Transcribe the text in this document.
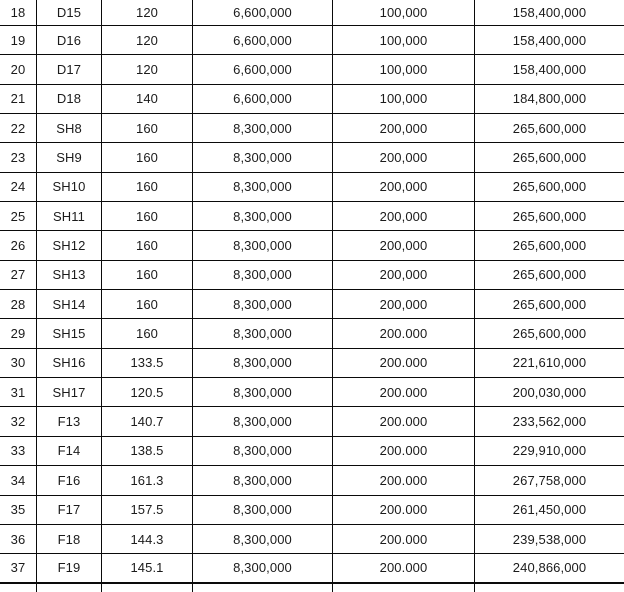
18	D15	120	6,600,000	100,000	158,400,000
19	D16	120	6,600,000	100,000	158,400,000
20	D17	120	6,600,000	100,000	158,400,000
21	D18	140	6,600,000	100,000	184,800,000
22	SH8	160	8,300,000	200,000	265,600,000
23	SH9	160	8,300,000	200,000	265,600,000
24	SH10	160	8,300,000	200,000	265,600,000
25	SH11	160	8,300,000	200,000	265,600,000
26	SH12	160	8,300,000	200,000	265,600,000
27	SH13	160	8,300,000	200,000	265,600,000
28	SH14	160	8,300,000	200,000	265,600,000
29	SH15	160	8,300,000	200.000	265,600,000
30	SH16	133.5	8,300,000	200.000	221,610,000
31	SH17	120.5	8,300,000	200.000	200,030,000
32	F13	140.7	8,300,000	200.000	233,562,000
33	F14	138.5	8,300,000	200.000	229,910,000
34	F16	161.3	8,300,000	200.000	267,758,000
35	F17	157.5	8,300,000	200.000	261,450,000
36	F18	144.3	8,300,000	200.000	239,538,000
37	F19	145.1	8,300,000	200.000	240,866,000
